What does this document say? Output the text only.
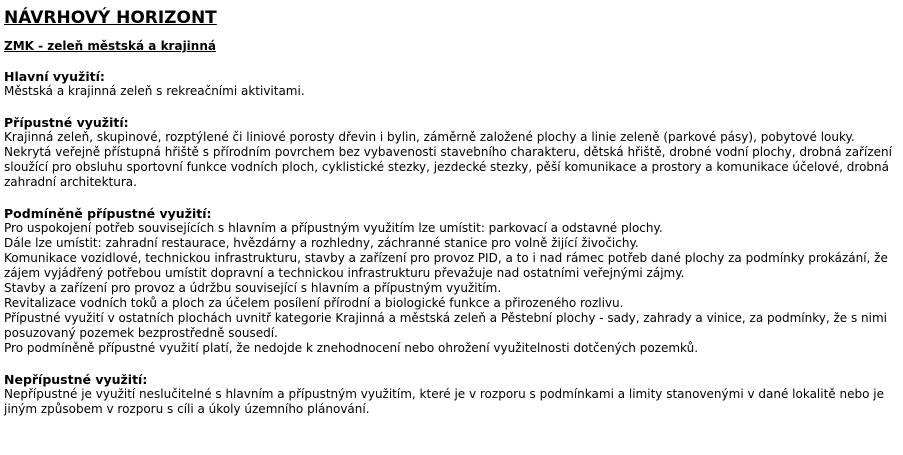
NÁVRHOVÝ HORIZONT
ZMK - zeleň městská a krajinná
Hlavní využití:
Městská a krajinná zeleň s rekreačními aktivitami.
Přípustné využití:
Krajinná zeleň, skupinové, rozptýlené či liniové porosty dřevin i bylin, záměrně založené plochy a linie zeleně (parkové pásy), pobytové louky.
Nekrytá veřejně přístupná hřiště s přírodním povrchem bez vybavenosti stavebního charakteru, dětská hřiště, drobné vodní plochy, drobná zařízení
sloužící pro obsluhu sportovní funkce vodních ploch, cyklistické stezky, jezdecké stezky, pěší komunikace a prostory a komunikace účelové, drobná
zahradní architektura.
Podmíněně přípustné využití:
Pro uspokojení potřeb souvisejících s hlavním a přípustným využitím lze umístit: parkovací a odstavné plochy.
Dále lze umístit: zahradní restaurace, hvězdárny a rozhledny, záchranné stanice pro volně žijící živočichy.
Komunikace vozidlové, technickou infrastrukturu, stavby a zařízení pro provoz PID, a to i nad rámec potřeb dané plochy za podmínky prokázání, že
zájem vyjádřený potřebou umístit dopravní a technickou infrastrukturu převažuje nad ostatními veřejnými zájmy.
Stavby a zařízení pro provoz a údržbu související s hlavním a přípustným využitím.
Revitalizace vodních toků a ploch za účelem posílení přírodní a biologické funkce a přirozeného rozlivu.
Přípustné využití v ostatních plochách uvnitř kategorie Krajinná a městská zeleň a Pěstební plochy - sady, zahrady a vinice, za podmínky, že s nimi
posuzovaný pozemek bezprostředně sousedí.
Pro podmíněně přípustné využití platí, že nedojde k znehodnocení nebo ohrožení využitelnosti dotčených pozemků.
Nepřípustné využití:
Nepřípustné je využití neslučitelné s hlavním a přípustným využitím, které je v rozporu s podmínkami a limity stanovenými v dané lokalitě nebo je
jiným způsobem v rozporu s cíli a úkoly územního plánování.
